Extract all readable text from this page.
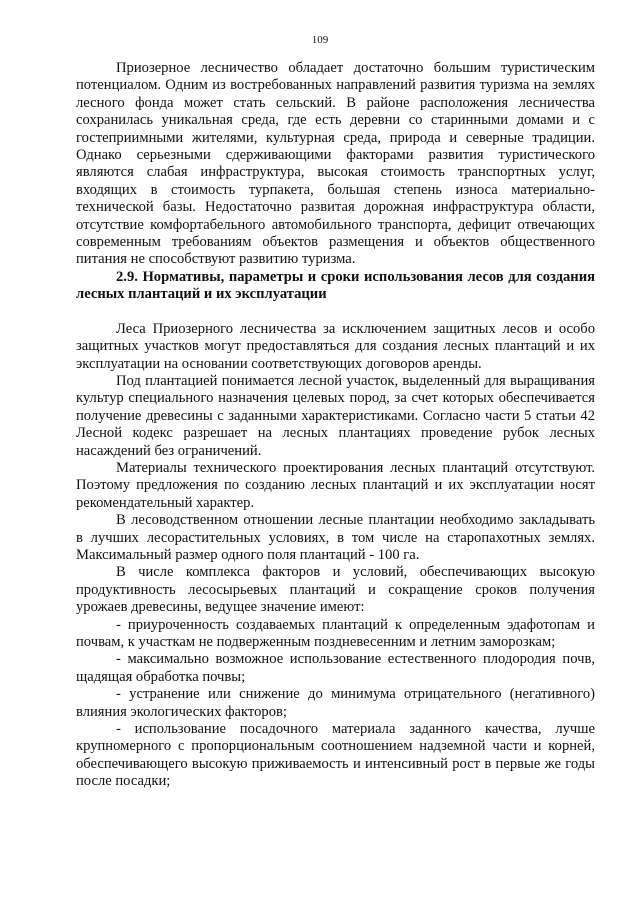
109

Приозерное лесничество обладает достаточно большим туристическим потенциалом. Одним из востребованных направлений развития туризма на землях лесного фонда может стать сельский. В районе расположения лесничества сохранилась уникальная среда, где есть деревни со старинными домами и с гостеприимными жителями, культурная среда, природа и северные традиции. Однако серьезными сдерживающими факторами развития туристического являются слабая инфраструктура, высокая стоимость транспортных услуг, входящих в стоимость турпакета, большая степень износа материально-технической базы. Недостаточно развитая дорожная инфраструктура области, отсутствие комфортабельного автомобильного транспорта, дефицит отвечающих современным требованиям объектов размещения и объектов общественного питания не способствуют развитию туризма.

2.9. Нормативы, параметры и сроки использования лесов для создания лесных плантаций и их эксплуатации

Леса Приозерного лесничества за исключением защитных лесов и особо защитных участков могут предоставляться для создания лесных плантаций и их эксплуатации на основании соответствующих договоров аренды.

Под плантацией понимается лесной участок, выделенный для выращивания культур специального назначения целевых пород, за счет которых обеспечивается получение древесины с заданными характеристиками. Согласно части 5 статьи 42 Лесной кодекс разрешает на лесных плантациях проведение рубок лесных насаждений без ограничений.

Материалы технического проектирования лесных плантаций отсутствуют. Поэтому предложения по созданию лесных плантаций и их эксплуатации носят рекомендательный характер.

В лесоводственном отношении лесные плантации необходимо закладывать в лучших лесорастительных условиях, в том числе на старопахотных землях. Максимальный размер одного поля плантаций - 100 га.

В числе комплекса факторов и условий, обеспечивающих высокую продуктивность лесосырьевых плантаций и сокращение сроков получения урожаев древесины, ведущее значение имеют:

- приуроченность создаваемых плантаций к определенным эдафотопам и почвам, к участкам не подверженным поздневесенним и летним заморозкам;

- максимально возможное использование естественного плодородия почв, щадящая обработка почвы;

- устранение или снижение до минимума отрицательного (негативного) влияния экологических факторов;

- использование посадочного материала заданного качества, лучше крупномерного с пропорциональным соотношением надземной части и корней, обеспечивающего высокую приживаемость и интенсивный рост в первые же годы после посадки;
